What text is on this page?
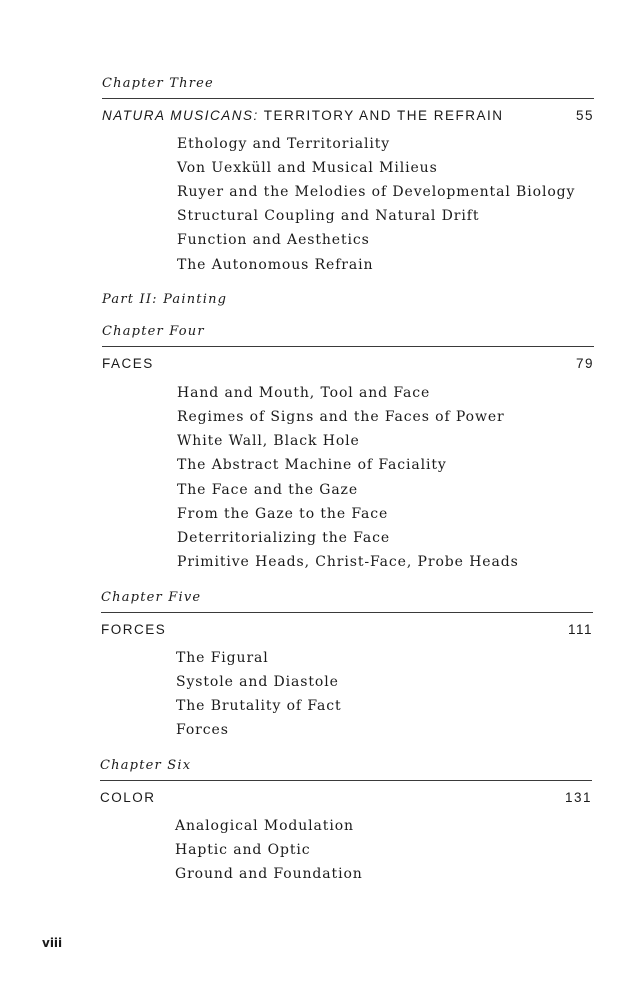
Chapter Three
NATURA MUSICANS: TERRITORY AND THE REFRAIN	55
Ethology and Territoriality
Von Uexküll and Musical Milieus
Ruyer and the Melodies of Developmental Biology
Structural Coupling and Natural Drift
Function and Aesthetics
The Autonomous Refrain
Part II: Painting
Chapter Four
FACES	79
Hand and Mouth, Tool and Face
Regimes of Signs and the Faces of Power
White Wall, Black Hole
The Abstract Machine of Faciality
The Face and the Gaze
From the Gaze to the Face
Deterritorializing the Face
Primitive Heads, Christ-Face, Probe Heads
Chapter Five
FORCES	111
The Figural
Systole and Diastole
The Brutality of Fact
Forces
Chapter Six
COLOR	131
Analogical Modulation
Haptic and Optic
Ground and Foundation
viii
